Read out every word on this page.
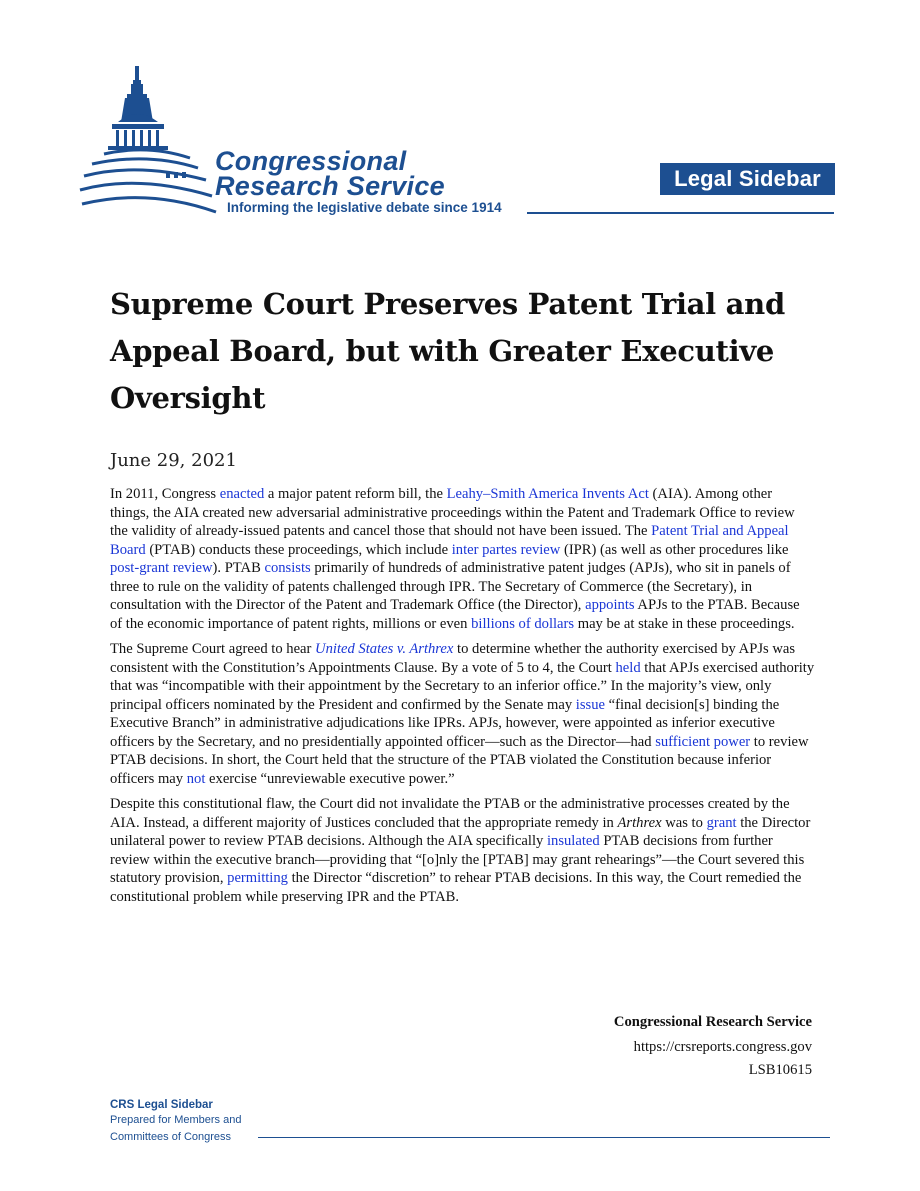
Congressional
Research Service
Informing the legislative debate since 1914
Legal Sidebar
Supreme Court Preserves Patent Trial and Appeal Board, but with Greater Executive Oversight
June 29, 2021

In 2011, Congress enacted a major patent reform bill, the Leahy–Smith America Invents Act (AIA). Among other things, the AIA created new adversarial administrative proceedings within the Patent and Trademark Office to review the validity of already-issued patents and cancel those that should not have been issued. The Patent Trial and Appeal Board (PTAB) conducts these proceedings, which include inter partes review (IPR) (as well as other procedures like post-grant review). PTAB consists primarily of hundreds of administrative patent judges (APJs), who sit in panels of three to rule on the validity of patents challenged through IPR. The Secretary of Commerce (the Secretary), in consultation with the Director of the Patent and Trademark Office (the Director), appoints APJs to the PTAB. Because of the economic importance of patent rights, millions or even billions of dollars may be at stake in these proceedings.

The Supreme Court agreed to hear United States v. Arthrex to determine whether the authority exercised by APJs was consistent with the Constitution’s Appointments Clause. By a vote of 5 to 4, the Court held that APJs exercised authority that was “incompatible with their appointment by the Secretary to an inferior office.” In the majority’s view, only principal officers nominated by the President and confirmed by the Senate may issue “final decision[s] binding the Executive Branch” in administrative adjudications like IPRs. APJs, however, were appointed as inferior executive officers by the Secretary, and no presidentially appointed officer—such as the Director—had sufficient power to review PTAB decisions. In short, the Court held that the structure of the PTAB violated the Constitution because inferior officers may not exercise “unreviewable executive power.”

Despite this constitutional flaw, the Court did not invalidate the PTAB or the administrative processes created by the AIA. Instead, a different majority of Justices concluded that the appropriate remedy in Arthrex was to grant the Director unilateral power to review PTAB decisions. Although the AIA specifically insulated PTAB decisions from further review within the executive branch—providing that “[o]nly the [PTAB] may grant rehearings”—the Court severed this statutory provision, permitting the Director “discretion” to rehear PTAB decisions. In this way, the Court remedied the constitutional problem while preserving IPR and the PTAB.

Congressional Research Service
https://crsreports.congress.gov
LSB10615
CRS Legal Sidebar
Prepared for Members and
Committees of Congress
